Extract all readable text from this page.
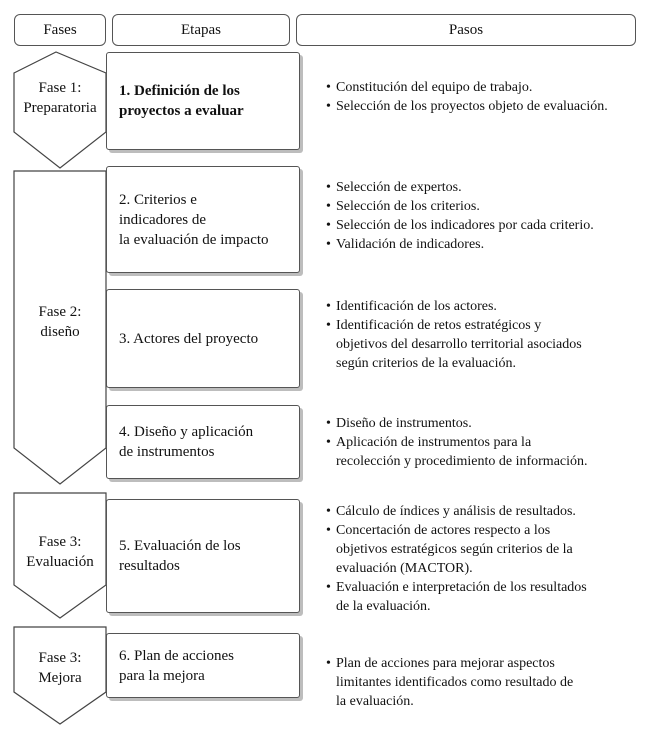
Fases	Etapas	Pasos
Fase 1:
Preparatoria
Fase 2:
diseño
Fase 3:
Evaluación
Fase 3:
Mejora
1. Definición de los
proyectos a evaluar
2. Criterios e
indicadores de
la evaluación de impacto
3. Actores del proyecto
4. Diseño y aplicación
de instrumentos
5. Evaluación de los
resultados
6. Plan de acciones
para la mejora
• Constitución del equipo de trabajo.
• Selección de los proyectos objeto de evaluación.
• Selección de expertos.
• Selección de los criterios.
• Selección de los indicadores por cada criterio.
• Validación de indicadores.
• Identificación de los actores.
• Identificación de retos estratégicos y
objetivos del desarrollo territorial asociados
según criterios de la evaluación.
• Diseño de instrumentos.
• Aplicación de instrumentos para la
recolección y procedimiento de información.
• Cálculo de índices y análisis de resultados.
• Concertación de actores respecto a los
objetivos estratégicos según criterios de la
evaluación (MACTOR).
• Evaluación e interpretación de los resultados
de la evaluación.
• Plan de acciones para mejorar aspectos
limitantes identificados como resultado de
la evaluación.
